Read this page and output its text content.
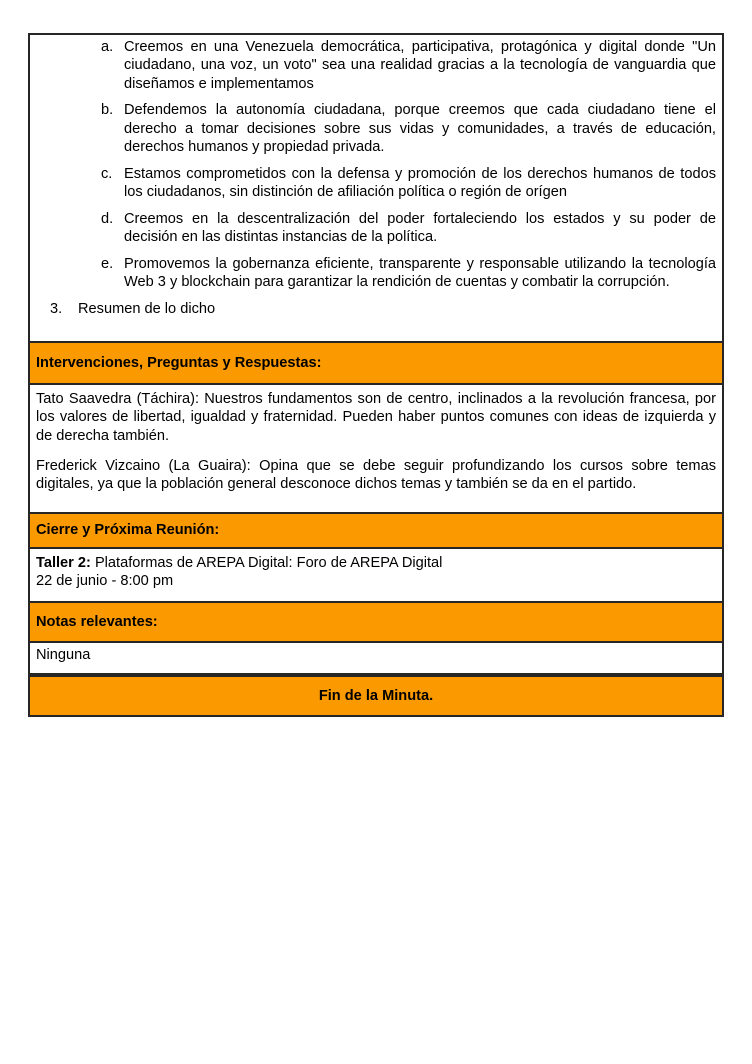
a. Creemos en una Venezuela democrática, participativa, protagónica y digital donde "Un ciudadano, una voz, un voto" sea una realidad gracias a la tecnología de vanguardia que diseñamos e implementamos

b. Defendemos la autonomía ciudadana, porque creemos que cada ciudadano tiene el derecho a tomar decisiones sobre sus vidas y comunidades, a través de educación, derechos humanos y propiedad privada.

c. Estamos comprometidos con la defensa y promoción de los derechos humanos de todos los ciudadanos, sin distinción de afiliación política o región de orígen

d. Creemos en la descentralización del poder fortaleciendo los estados y su poder de decisión en las distintas instancias de la política.

e. Promovemos la gobernanza eficiente, transparente y responsable utilizando la tecnología Web 3 y blockchain para garantizar la rendición de cuentas y combatir la corrupción.

3. Resumen de lo dicho

Intervenciones, Preguntas y Respuestas:

Tato Saavedra (Táchira): Nuestros fundamentos son de centro, inclinados a la revolución francesa, por los valores de libertad, igualdad y fraternidad. Pueden haber puntos comunes con ideas de izquierda y de derecha también.

Frederick Vizcaino (La Guaira): Opina que se debe seguir profundizando los cursos sobre temas digitales, ya que la población general desconoce dichos temas y también se da en el partido.

Cierre y Próxima Reunión:

Taller 2: Plataformas de AREPA Digital: Foro de AREPA Digital

22 de junio - 8:00 pm

Notas relevantes:

Ninguna

Fin de la Minuta.
